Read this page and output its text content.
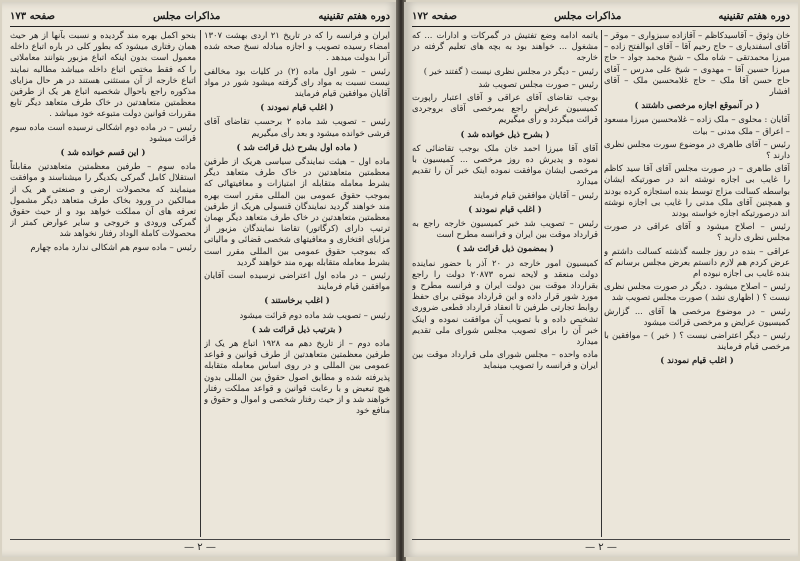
دوره هفتم تقنینیه
مذاکرات مجلس
صفحه ۱۷۳

ایران و فرانسه را که در تاریخ ۲۱ اردی بهشت ۱۳۰۷ امضاء رسیده تصویب و اجازه مبادله نسخ صحه شده آنرا بدولت میدهد .

رئیس – شور اول ماده (۲) در کلیات بود مخالفی نیست نسبت به مواد رای گرفته میشود شور در مواد آقایان موافقین قیام فرمایند

( اغلب قیام نمودند )

رئیس – تصویب شد ماده ۲ برحسب تقاضای آقای فرشی خوانده میشود و بعد رأی میگیریم

( ماده اول بشرح ذیل قرائت شد )

ماده اول – هیئت نمایندگی سیاسی هریک از طرفین معظمتین متعاهدتین در خاک طرف متعاهد دیگر بشرط معامله متقابله از امتیازات و معافیتهائی که بموجب حقوق عمومی بین المللی مقرر است بهره مند خواهند گردید نمایندگان قنسولی هریک از طرفین معظمتین متعاهدتین در خاک طرف متعاهد دیگر بهمان ترتیب دارای (کرگاتور) تقاضا نمایندگان مزبور از مزایای افتخاری و معافیتهای شخصی قضائی و مالیاتی که بموجب حقوق عمومی بین المللی مقرر است بشرط معامله متقابله بهره مند خواهند گردید

رئیس – در ماده اول اعتراضی نرسیده است آقایان موافقین قیام فرمایند

( اغلب برخاستند )

رئیس – تصویب شد ماده دوم قرائت میشود

( بترتیب ذیل قرائت شد )

ماده دوم – از تاریخ دهم مه ۱۹۲۸ اتباع هر یک از طرفین معظمتین متعاهدتین از طرف قوانین و قواعد عمومی بین المللی و در روی اساس معامله متقابله پذیرفته شده و مطابق اصول حقوق بین المللی بدون هیچ تبعیض و با رعایت قوانین و قواعد مملکت رفتار خواهند شد و از حیث رفتار شخصی و اموال و حقوق و منافع خود

بنحو اکمل بهره مند گردیده و نسبت بآنها از هر حیث همان رفتاری میشود که بطور کلی در باره اتباع داخله معمول است بدون اینکه اتباع مزبور بتوانند معاملاتی را که فقط مختص اتباع داخله میباشد مطالبه نمایند اتباع خارجه از آن مستثنی هستند در هر حال مزایای مذکوره راجع باحوال شخصیه اتباع هر یک از طرفین معظمتین متعاهدتین در خاک طرف متعاهد دیگر تابع مقررات قوانین دولت متبوعه خود میباشد .

رئیس – در ماده دوم اشکالی نرسیده است ماده سوم قرائت میشود

( این قسم خوانده شد )

ماده سوم – طرفین معظمتین متعاهدتین مقابلتاً استقلال کامل گمرکی یکدیگر را میشناسند و موافقت مینمایند که محصولات ارضی و صنعتی هر یک از ممالکین در ورود بخاک طرف متعاهد دیگر مشمول تعرفه های آن مملکت خواهد بود و از حیث حقوق گمرکی ورودی و خروجی و سایر عوارض کمتر از محصولات کاملة الوداد رفتار نخواهد شد

رئیس – ماده سوم هم اشکالی ندارد ماده چهارم

— ۲ —
دوره هفتم تقنینیه
مذاکرات مجلس
صفحه ۱۷۲

خان وثوق – آقاسیدکاظم – آقازاده سبزواری – موقر – آقای اسفندیاری – حاج رحیم آقا – آقای ابوالفتح زاده – میرزا محمدتقی – شاه ملک – شیخ محمد جواد – حاج میرزا حسین آقا – مهدوی – شیخ علی مدرس – آقای حاج حسن آقا ملک – حاج غلامحسین ملک – آقای افشار

( در آنموقع اجازه مرخصی داشتند )

آقایان : محلوی – ملک زاده – غلامحسین میرزا مسعود – اعراق – ملک مدنی – بیات

رئیس – آقای طاهری در موضوع سورت مجلس نظری دارند ؟

آقای طاهری – در صورت مجلس آقای آقا سید کاظم را غایب بی اجازه نوشته اند در صورتیکه ایشان بواسطه کسالت مزاج توسط بنده استجازه کرده بودند و همچنین آقای ملک مدنی را غایب بی اجازه نوشته اند درصورتیکه اجازه خواسته بودند

رئیس – اصلاح میشود و آقای عراقی در صورت مجلس نظری دارید ؟

عراقی – بنده در روز جلسه گذشته کسالت داشتم و عرض کردم هم لازم دانستم بعرض مجلس برسانم که بنده غایب بی اجازه نبوده ام

رئیس – اصلاح میشود . دیگر در صورت مجلس نظری نیست ؟ ( اظهاری نشد ) صورت مجلس تصویب شد

رئیس – در موضوع مرخصی ها آقای ... گزارش کمیسیون عرایض و مرخصی قرائت میشود

رئیس – دیگر اعتراضی نیست ؟ ( خیر ) – موافقین با مرخصی قیام فرمایند

( اغلب قیام نمودند )

یاتمه ادامه وضع تفتیش در گمرکات و ادارات ... که مشغول ... خواهند بود به بچه های تعلیم گرفته در خارجه

رئیس – دیگر در مجلس نظری نیست ( گفتند خیر )

رئیس – صورت مجلس تصویب شد

بوجب تقاضای آقای عراقی و آقای اعتبار راپورت کمیسیون عرایض راجع بمرخصی آقای بروجردی قرائت میگردد و رأی میگیریم

( بشرح ذیل خوانده شد )

آقای آقا میرزا احمد خان ملک بوجب تقاضائی که نموده و پدیرش ده روز مرخصی ... کمیسیون با مرخصی ایشان موافقت نموده اینک خبر آن را تقدیم میدارد

رئیس – آقایان موافقین قیام فرمایند

( اغلب قیام نمودند )

رئیس – تصویب شد خبر کمیسیون خارجه راجع به قرارداد موقت بین ایران و فرانسه مطرح است

( بمضمون ذیل قرائت شد )

کمیسیون امور خارجه در ۲۰ آذر با حضور نماینده دولت منعقد و لایحه نمره ۲۰۸۷۳ دولت را راجع بقرارداد موقت بین دولت ایران و فرانسه مطرح و مورد شور قرار داده و این قرارداد موقتی برای حفظ روابط تجارتی طرفین تا انعقاد قرارداد قطعی ضروری تشخیص داده و با تصویب آن موافقت نموده و اینک خبر آن را برای تصویب مجلس شورای ملی تقدیم میدارد

ماده واحده – مجلس شورای ملی قرارداد موقت بین ایران و فرانسه را تصویب مینماید

— ۲ —
